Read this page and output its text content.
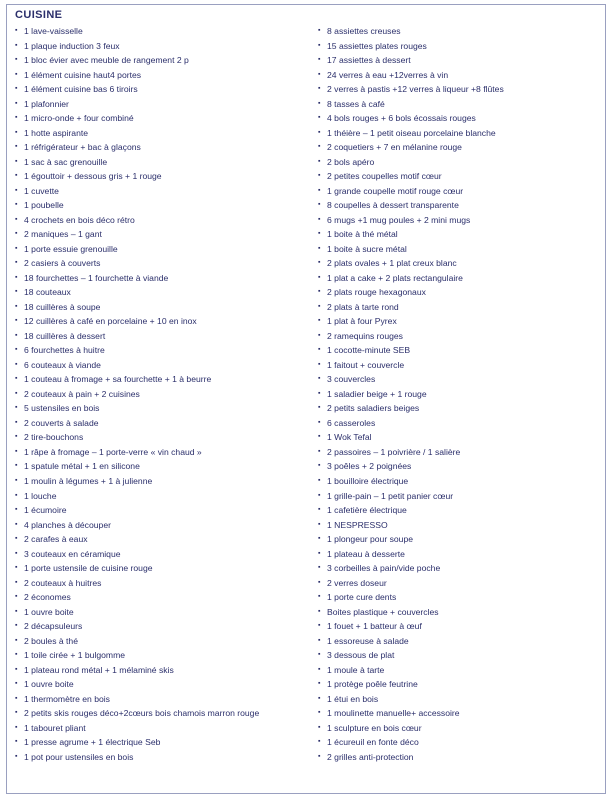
CUISINE
▪ 1 lave-vaisselle
▪ 1 plaque induction 3 feux
▪ 1 bloc évier avec meuble de rangement 2 p
▪ 1 élément cuisine haut4 portes
▪ 1 élément cuisine bas 6 tiroirs
▪ 1 plafonnier
▪ 1 micro-onde + four combiné
▪ 1 hotte aspirante
▪ 1 réfrigérateur + bac à glaçons
▪ 1 sac à sac grenouille
▪ 1 égouttoir + dessous gris + 1 rouge
▪ 1 cuvette
▪ 1 poubelle
▪ 4 crochets en bois déco rétro
▪ 2 maniques – 1 gant
▪ 1 porte essuie grenouille
▪ 2 casiers à couverts
▪ 18 fourchettes – 1 fourchette à viande
▪ 18 couteaux
▪ 18 cuillères à soupe
▪ 12 cuillères à café en porcelaine + 10 en inox
▪ 18 cuillères à dessert
▪ 6 fourchettes à huitre
▪ 6 couteaux à viande
▪ 1 couteau à fromage + sa fourchette + 1 à beurre
▪ 2 couteaux à pain + 2 cuisines
▪ 5 ustensiles en bois
▪ 2 couverts à salade
▪ 2 tire-bouchons
▪ 1 râpe à fromage – 1 porte-verre « vin chaud »
▪ 1 spatule métal + 1 en silicone
▪ 1 moulin à légumes + 1 à julienne
▪ 1 louche
▪ 1 écumoire
▪ 4 planches à découper
▪ 2 carafes à eaux
▪ 3 couteaux en céramique
▪ 1 porte ustensile de cuisine rouge
▪ 2 couteaux à huitres
▪ 2 économes
▪ 1 ouvre boite
▪ 2 décapsuleurs
▪ 2 boules à thé
▪ 1 toile cirée + 1 bulgomme
▪ 1 plateau rond métal + 1 mélaminé skis
▪ 1 ouvre boite
▪ 1 thermomètre en bois
▪ 2 petits skis rouges déco+2cœurs bois chamois marron rouge
▪ 1 tabouret pliant
▪ 1 presse agrume + 1 électrique Seb
▪ 1 pot pour ustensiles en bois
▪ 8 assiettes creuses
▪ 15 assiettes plates rouges
▪ 17 assiettes à dessert
▪ 24 verres à eau +12verres à vin
▪ 2 verres à pastis +12 verres à liqueur +8 flûtes
▪ 8 tasses à café
▪ 4 bols rouges + 6 bols écossais rouges
▪ 1 théière – 1 petit oiseau porcelaine blanche
▪ 2 coquetiers + 7 en mélanine rouge
▪ 2 bols apéro
▪ 2 petites coupelles motif cœur
▪ 1 grande coupelle motif rouge cœur
▪ 8 coupelles à dessert transparente
▪ 6 mugs +1 mug poules + 2 mini mugs
▪ 1 boite à thé métal
▪ 1 boite à sucre métal
▪ 2 plats ovales + 1 plat creux blanc
▪ 1 plat a cake + 2 plats rectangulaire
▪ 2 plats rouge hexagonaux
▪ 2 plats à tarte rond
▪ 1 plat à four Pyrex
▪ 2 ramequins rouges
▪ 1 cocotte-minute SEB
▪ 1 faitout + couvercle
▪ 3 couvercles
▪ 1 saladier beige + 1 rouge
▪ 2 petits saladiers beiges
▪ 6 casseroles
▪ 1 Wok Tefal
▪ 2 passoires – 1 poivrière / 1 salière
▪ 3 poêles + 2 poignées
▪ 1 bouilloire électrique
▪ 1 grille-pain – 1 petit panier cœur
▪ 1 cafetière électrique
▪ 1 NESPRESSO
▪ 1 plongeur pour soupe
▪ 1 plateau à desserte
▪ 3 corbeilles à pain/vide poche
▪ 2 verres doseur
▪ 1 porte cure dents
▪ Boites plastique + couvercles
▪ 1 fouet + 1 batteur à œuf
▪ 1 essoreuse à salade
▪ 3 dessous de plat
▪ 1 moule à tarte
▪ 1 protège poêle feutrine
▪ 1 étui en bois
▪ 1 moulinette manuelle+ accessoire
▪ 1 sculpture en bois cœur
▪ 1 écureuil en fonte déco
▪ 2 grilles anti-protection
